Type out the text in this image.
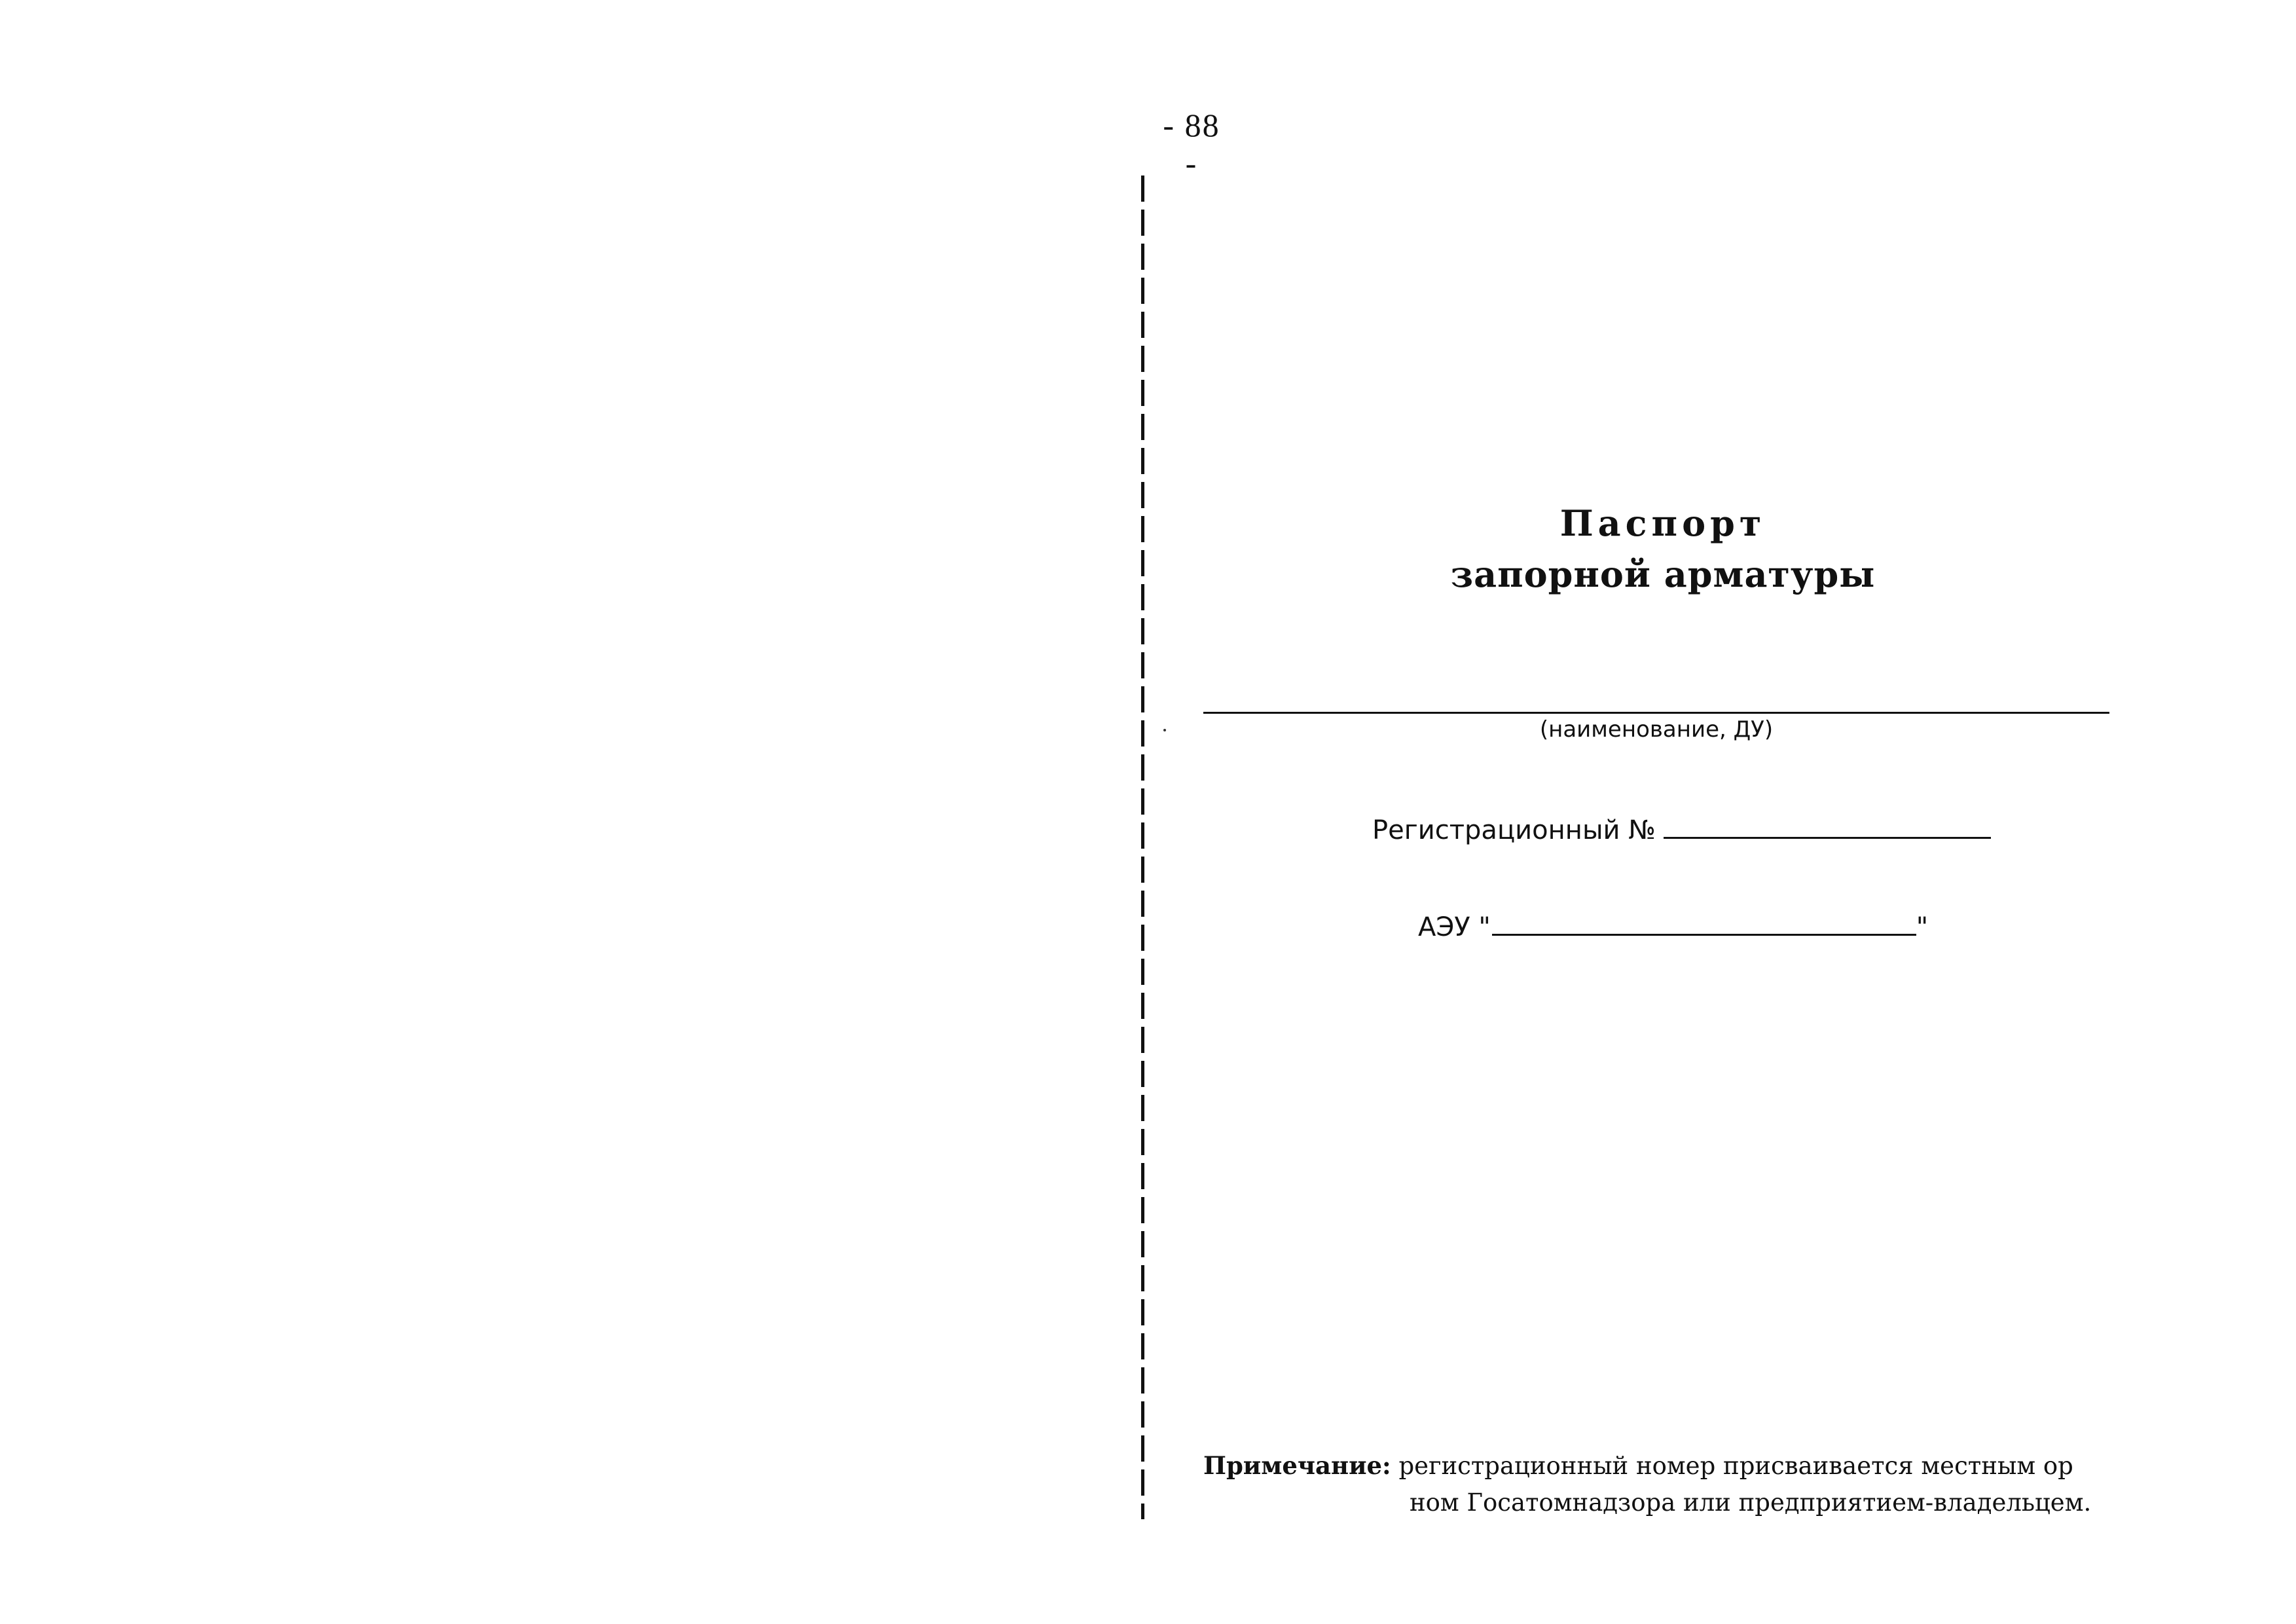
- 88 -
Паспорт
запорной арматуры
(наименование, ДУ)
Регистрационный №
АЭУ "	"
Примечание: регистрационный номер присваивается местным ор
ном Госатомнадзора или предприятием-владельцем.
